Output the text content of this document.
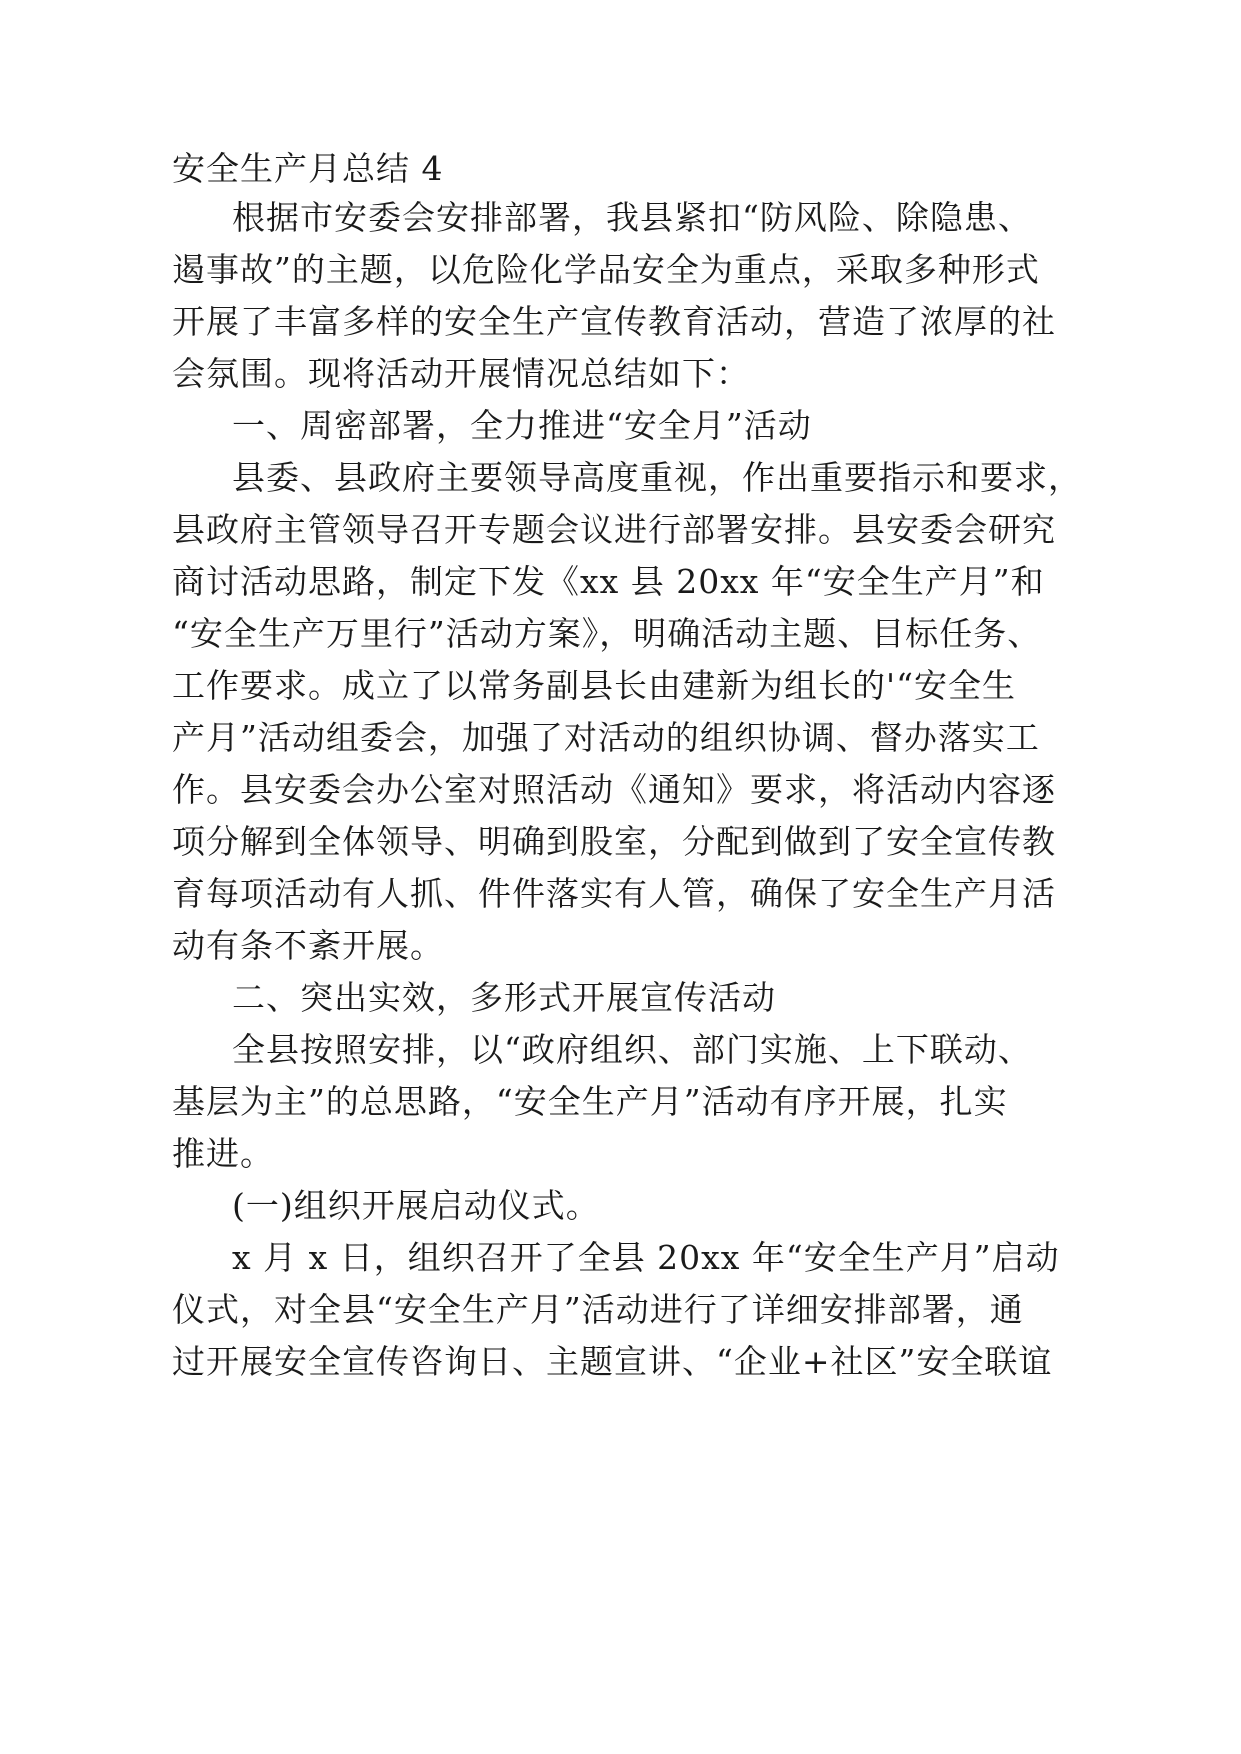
安全生产月总结 4
根据市安委会安排部署，我县紧扣“防风险、除隐患、
遏事故”的主题，以危险化学品安全为重点，采取多种形式
开展了丰富多样的安全生产宣传教育活动，营造了浓厚的社
会氛围。现将活动开展情况总结如下：
一、周密部署，全力推进“安全月”活动
县委、县政府主要领导高度重视，作出重要指示和要求，
县政府主管领导召开专题会议进行部署安排。县安委会研究
商讨活动思路，制定下发《xx 县 20xx 年“安全生产月”和
“安全生产万里行”活动方案》，明确活动主题、目标任务、
工作要求。成立了以常务副县长由建新为组长的'“安全生
产月”活动组委会，加强了对活动的组织协调、督办落实工
作。县安委会办公室对照活动《通知》要求，将活动内容逐
项分解到全体领导、明确到股室，分配到做到了安全宣传教
育每项活动有人抓、件件落实有人管，确保了安全生产月活
动有条不紊开展。
二、突出实效，多形式开展宣传活动
全县按照安排，以“政府组织、部门实施、上下联动、
基层为主”的总思路，“安全生产月”活动有序开展，扎实
推进。
(一)组织开展启动仪式。
x 月 x 日，组织召开了全县 20xx 年“安全生产月”启动
仪式，对全县“安全生产月”活动进行了详细安排部署，通
过开展安全宣传咨询日、主题宣讲、“企业+社区”安全联谊
